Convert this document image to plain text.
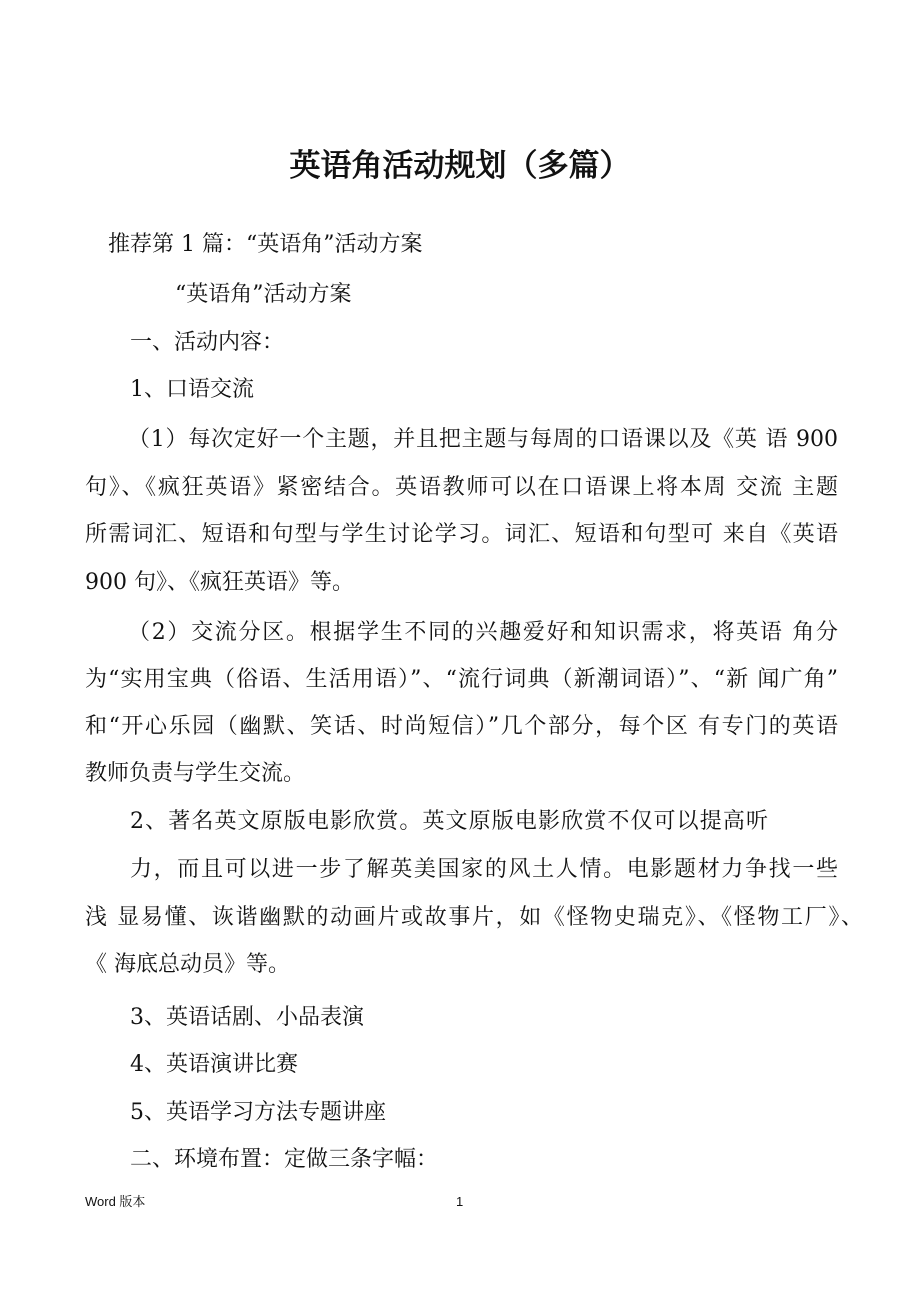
英语角活动规划（多篇）
推荐第 1 篇：“英语角”活动方案
“英语角”活动方案
一、活动内容：
1、口语交流
（1）每次定好一个主题，并且把主题与每周的口语课以及《英 语 900
句》、《疯狂英语》紧密结合。英语教师可以在口语课上将本周 交流 主题
所需词汇、短语和句型与学生讨论学习。词汇、短语和句型可 来自《英语
900 句》、《疯狂英语》等。
（2）交流分区。根据学生不同的兴趣爱好和知识需求，将英语 角分
为“实用宝典（俗语、生活用语）”、“流行词典（新潮词语）”、“新 闻广角”
和“开心乐园（幽默、笑话、时尚短信）”几个部分，每个区 有专门的英语
教师负责与学生交流。
2、著名英文原版电影欣赏。英文原版电影欣赏不仅可以提高听
力，而且可以进一步了解英美国家的风土人情。电影题材力争找一些
浅 显易懂、诙谐幽默的动画片或故事片，如《怪物史瑞克》、《怪物工厂》、
《 海底总动员》等。
3、英语话剧、小品表演
4、英语演讲比赛
5、英语学习方法专题讲座
二、环境布置：定做三条字幅：
Word 版本	1
